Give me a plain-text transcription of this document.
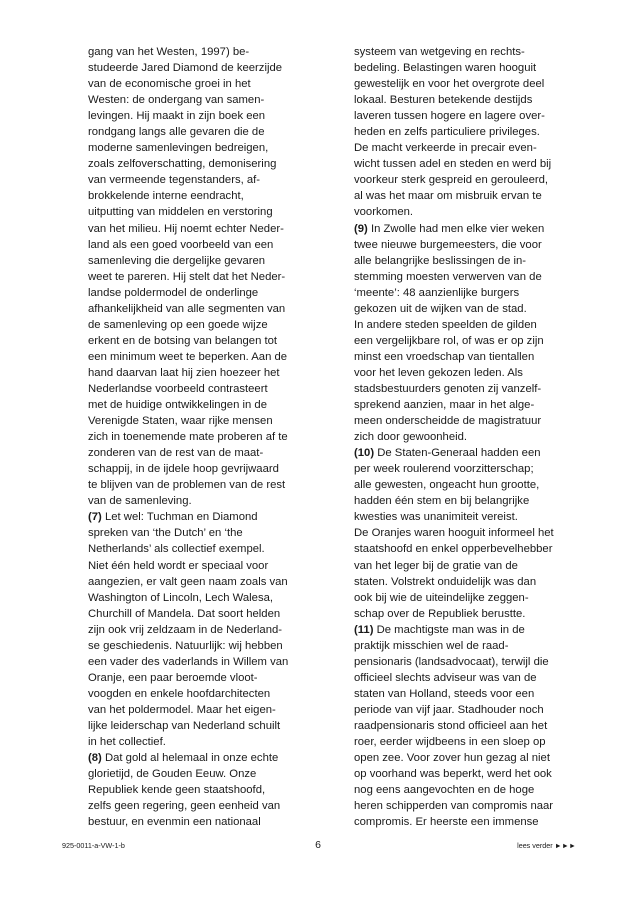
gang van het Westen, 1997) be-
studeerde Jared Diamond de keerzijde
van de economische groei in het
Westen: de ondergang van samen-
levingen. Hij maakt in zijn boek een
rondgang langs alle gevaren die de
moderne samenlevingen bedreigen,
zoals zelfoverschatting, demonisering
van vermeende tegenstanders, af-
brokkelende interne eendracht,
uitputting van middelen en verstoring
van het milieu. Hij noemt echter Neder-
land als een goed voorbeeld van een
samenleving die dergelijke gevaren
weet te pareren. Hij stelt dat het Neder-
landse poldermodel de onderlinge
afhankelijkheid van alle segmenten van
de samenleving op een goede wijze
erkent en de botsing van belangen tot
een minimum weet te beperken. Aan de
hand daarvan laat hij zien hoezeer het
Nederlandse voorbeeld contrasteert
met de huidige ontwikkelingen in de
Verenigde Staten, waar rijke mensen
zich in toenemende mate proberen af te
zonderen van de rest van de maat-
schappij, in de ijdele hoop gevrijwaard
te blijven van de problemen van de rest
van de samenleving.
(7) Let wel: Tuchman en Diamond
spreken van ‘the Dutch’ en ‘the
Netherlands’ als collectief exempel.
Niet één held wordt er speciaal voor
aangezien, er valt geen naam zoals van
Washington of Lincoln, Lech Walesa,
Churchill of Mandela. Dat soort helden
zijn ook vrij zeldzaam in de Nederland-
se geschiedenis. Natuurlijk: wij hebben
een vader des vaderlands in Willem van
Oranje, een paar beroemde vloot-
voogden en enkele hoofdarchitecten
van het poldermodel. Maar het eigen-
lijke leiderschap van Nederland schuilt
in het collectief.
(8) Dat gold al helemaal in onze echte
glorietijd, de Gouden Eeuw. Onze
Republiek kende geen staatshoofd,
zelfs geen regering, geen eenheid van
bestuur, en evenmin een nationaal
systeem van wetgeving en rechts-
bedeling. Belastingen waren hooguit
gewestelijk en voor het overgrote deel
lokaal. Besturen betekende destijds
laveren tussen hogere en lagere over-
heden en zelfs particuliere privileges.
De macht verkeerde in precair even-
wicht tussen adel en steden en werd bij
voorkeur sterk gespreid en gerouleerd,
al was het maar om misbruik ervan te
voorkomen.
(9) In Zwolle had men elke vier weken
twee nieuwe burgemeesters, die voor
alle belangrijke beslissingen de in-
stemming moesten verwerven van de
‘meente’: 48 aanzienlijke burgers
gekozen uit de wijken van de stad.
In andere steden speelden de gilden
een vergelijkbare rol, of was er op zijn
minst een vroedschap van tientallen
voor het leven gekozen leden. Als
stadsbestuurders genoten zij vanzelf-
sprekend aanzien, maar in het alge-
meen onderscheidde de magistratuur
zich door gewoonheid.
(10) De Staten-Generaal hadden een
per week roulerend voorzitterschap;
alle gewesten, ongeacht hun grootte,
hadden één stem en bij belangrijke
kwesties was unanimiteit vereist.
De Oranjes waren hooguit informeel het
staatshoofd en enkel opperbevelhebber
van het leger bij de gratie van de
staten. Volstrekt onduidelijk was dan
ook bij wie de uiteindelijke zeggen-
schap over de Republiek berustte.
(11) De machtigste man was in de
praktijk misschien wel de raad-
pensionaris (landsadvocaat), terwijl die
officieel slechts adviseur was van de
staten van Holland, steeds voor een
periode van vijf jaar. Stadhouder noch
raadpensionaris stond officieel aan het
roer, eerder wijdbeens in een sloep op
open zee. Voor zover hun gezag al niet
op voorhand was beperkt, werd het ook
nog eens aangevochten en de hoge
heren schipperden van compromis naar
compromis. Er heerste een immense
925-0011-a-VW-1-b	6	lees verder ►►►
